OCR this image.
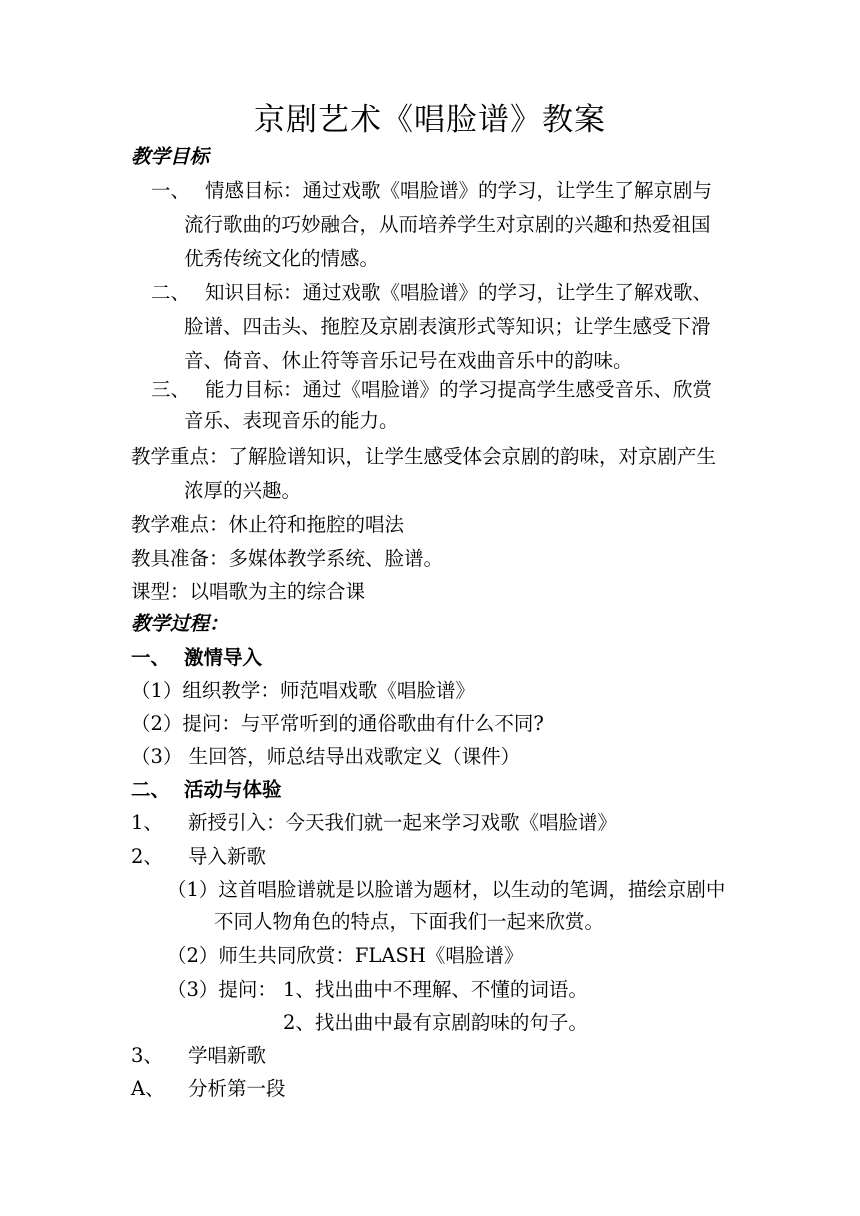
京剧艺术《唱脸谱》教案
教学目标
一、 情感目标：通过戏歌《唱脸谱》的学习，让学生了解京剧与
流行歌曲的巧妙融合，从而培养学生对京剧的兴趣和热爱祖国
优秀传统文化的情感。
二、 知识目标：通过戏歌《唱脸谱》的学习，让学生了解戏歌、
脸谱、四击头、拖腔及京剧表演形式等知识；让学生感受下滑
音、倚音、休止符等音乐记号在戏曲音乐中的韵味。
三、 能力目标：通过《唱脸谱》的学习提高学生感受音乐、欣赏
音乐、表现音乐的能力。
教学重点：了解脸谱知识，让学生感受体会京剧的韵味，对京剧产生
浓厚的兴趣。
教学难点：休止符和拖腔的唱法
教具准备：多媒体教学系统、脸谱。
课型：以唱歌为主的综合课
教学过程：
一、 激情导入
（1）组织教学：师范唱戏歌《唱脸谱》
（2）提问：与平常听到的通俗歌曲有什么不同?
（3） 生回答，师总结导出戏歌定义（课件）
二、 活动与体验
1、 新授引入：今天我们就一起来学习戏歌《唱脸谱》
2、 导入新歌
（1）这首唱脸谱就是以脸谱为题材，以生动的笔调，描绘京剧中
不同人物角色的特点，下面我们一起来欣赏。
（2）师生共同欣赏：FLASH《唱脸谱》
（3）提问： 1、找出曲中不理解、不懂的词语。
2、找出曲中最有京剧韵味的句子。
3、 学唱新歌
A、 分析第一段
